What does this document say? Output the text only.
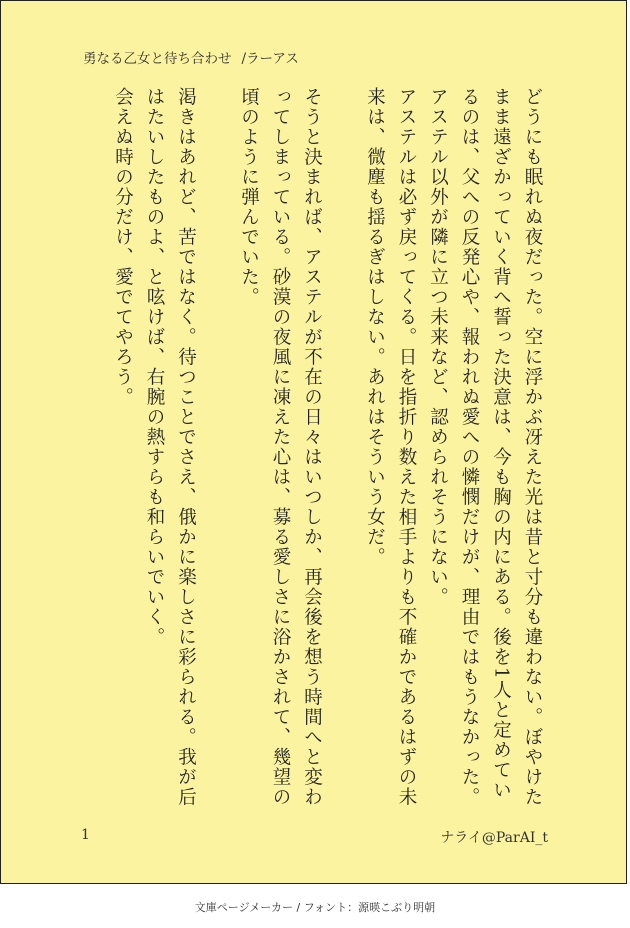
勇なる乙女と待ち合わせ /ラーアス

どうにも眠れぬ夜だった。空に浮かぶ冴えた光は昔と寸分も違わない。ぼやけたまま遠ざかっていく背へ誓った決意は、今も胸の内にある。後を1人と定めているのは、父への反発心や、報われぬ愛への憐憫だけが、理由ではもうなかった。アステル以外が隣に立つ未来など、認められそうにない。

アステルは必ず戻ってくる。日を指折り数えた相手よりも不確かであるはずの未来は、微塵も揺るぎはしない。あれはそういう女だ。

そうと決まれば、アステルが不在の日々はいつしか、再会後を想う時間へと変わってしまっている。砂漠の夜風に凍えた心は、募る愛しさに浴かされて、幾望の頃のように弾んでいた。

渇きはあれど、苦ではなく。待つことでさえ、俄かに楽しさに彩られる。我が后はたいしたものよ、と呟けば、右腕の熱すらも和らいでいく。

会えぬ時の分だけ、愛でてやろう。

1	ナライ@ParAI_t
文庫ページメーカー / フォント：源暎こぶり明朝
